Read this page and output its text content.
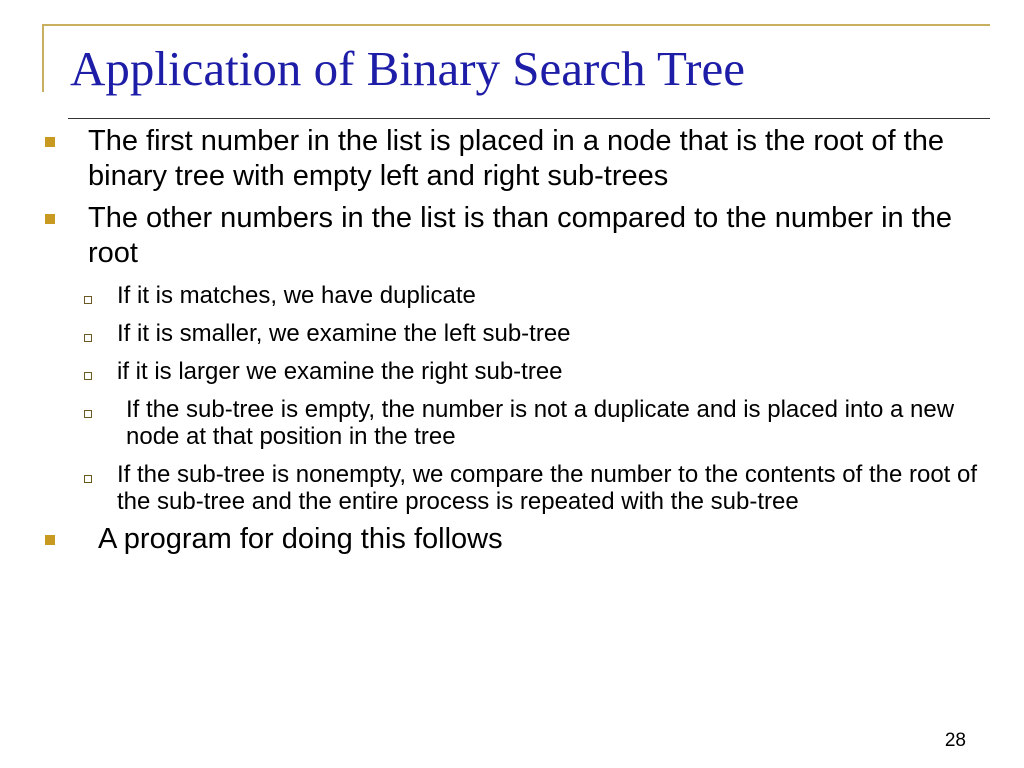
Application of Binary Search Tree
The first number in the list is placed in a node that is the root of the binary tree with empty left and right sub-trees
The other numbers in the list is than compared to the number in the root
If it is matches, we have duplicate
If it is smaller, we examine the left sub-tree
if it is larger we examine the right sub-tree
If the sub-tree is empty, the number is not a duplicate and is placed into a new node at that position in the tree
If the sub-tree is nonempty, we compare the number to the contents of the root of the sub-tree and the entire process is repeated with the sub-tree
A program for doing this follows
28
